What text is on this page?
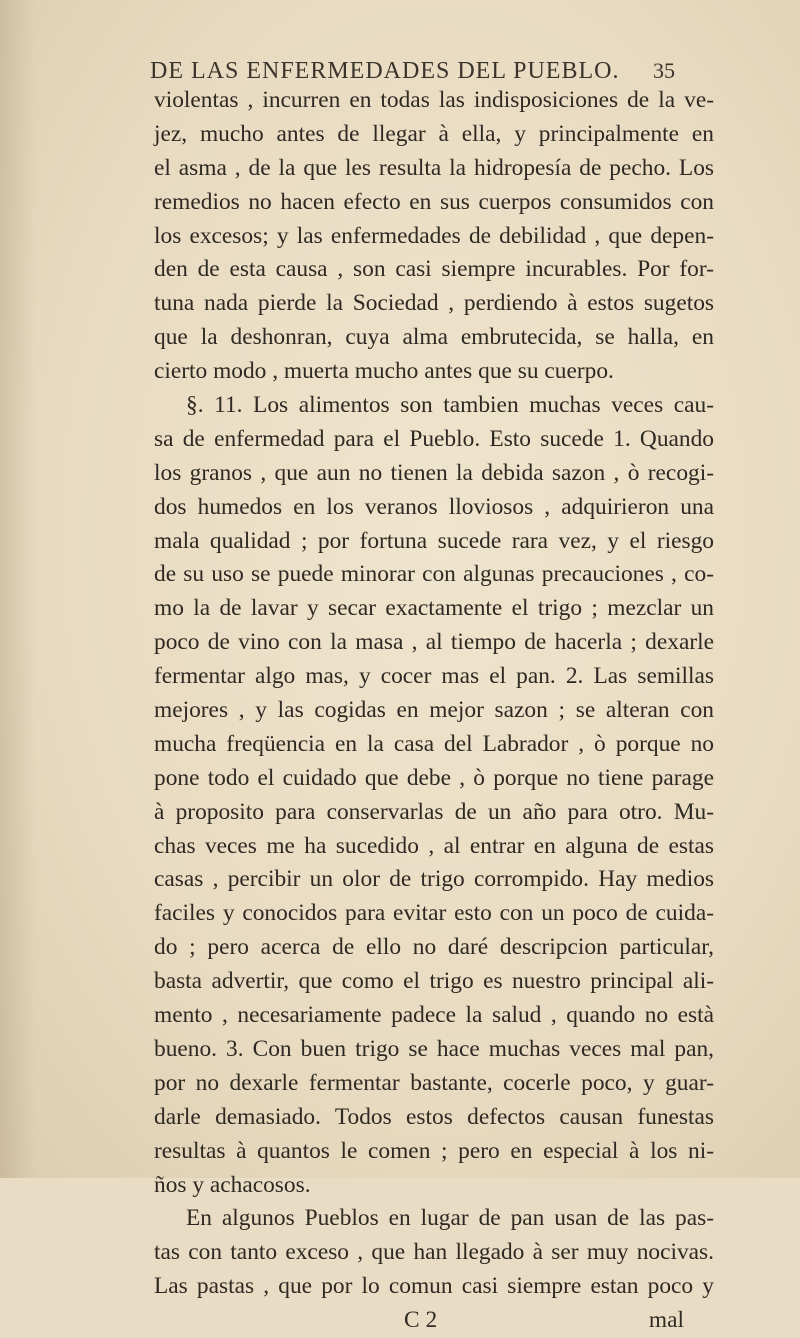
DE LAS ENFERMEDADES DEL PUEBLO. 35
violentas , incurren en todas las indisposiciones de la ve-
jez, mucho antes de llegar à ella, y principalmente en
el asma , de la que les resulta la hidropesía de pecho. Los
remedios no hacen efecto en sus cuerpos consumidos con
los excesos; y las enfermedades de debilidad , que depen-
den de esta causa , son casi siempre incurables. Por for-
tuna nada pierde la Sociedad , perdiendo à estos sugetos
que la deshonran, cuya alma embrutecida, se halla, en
cierto modo , muerta mucho antes que su cuerpo.
§. 11. Los alimentos son tambien muchas veces cau-
sa de enfermedad para el Pueblo. Esto sucede 1. Quando
los granos , que aun no tienen la debida sazon , ò recogi-
dos humedos en los veranos lloviosos , adquirieron una
mala qualidad ; por fortuna sucede rara vez, y el riesgo
de su uso se puede minorar con algunas precauciones , co-
mo la de lavar y secar exactamente el trigo ; mezclar un
poco de vino con la masa , al tiempo de hacerla ; dexarle
fermentar algo mas, y cocer mas el pan. 2. Las semillas
mejores , y las cogidas en mejor sazon ; se alteran con
mucha freqüencia en la casa del Labrador , ò porque no
pone todo el cuidado que debe , ò porque no tiene parage
à proposito para conservarlas de un año para otro. Mu-
chas veces me ha sucedido , al entrar en alguna de estas
casas , percibir un olor de trigo corrompido. Hay medios
faciles y conocidos para evitar esto con un poco de cuida-
do ; pero acerca de ello no daré descripcion particular,
basta advertir, que como el trigo es nuestro principal ali-
mento , necesariamente padece la salud , quando no està
bueno. 3. Con buen trigo se hace muchas veces mal pan,
por no dexarle fermentar bastante, cocerle poco, y guar-
darle demasiado. Todos estos defectos causan funestas
resultas à quantos le comen ; pero en especial à los ni-
ños y achacosos.
En algunos Pueblos en lugar de pan usan de las pas-
tas con tanto exceso , que han llegado à ser muy nocivas.
Las pastas , que por lo comun casi siempre estan poco y
C 2	mal
